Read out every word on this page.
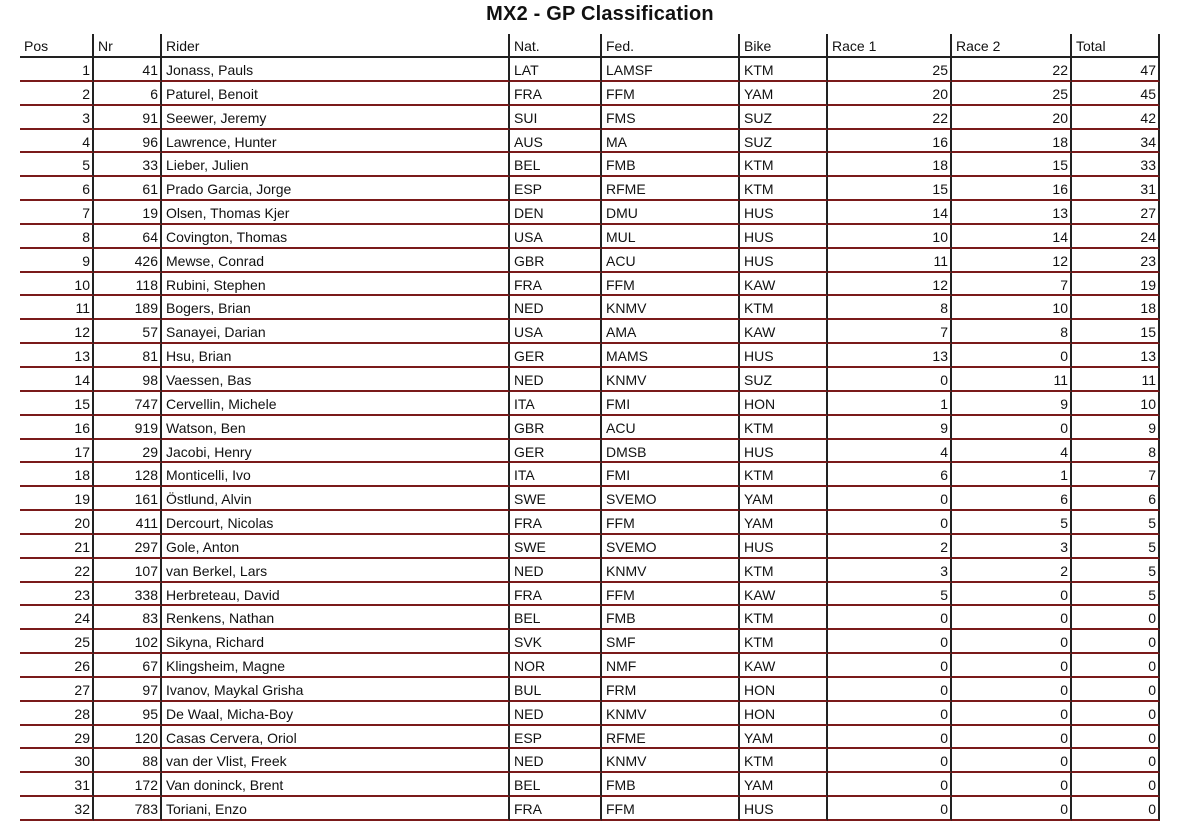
MX2 - GP Classification
Pos	Nr	Rider	Nat.	Fed.	Bike	Race 1	Race 2	Total
1	41 Jonass, Pauls	LAT	LAMSF	KTM	25	22	47
2	6 Paturel, Benoit	FRA	FFM	YAM	20	25	45
3	91 Seewer, Jeremy	SUI	FMS	SUZ	22	20	42
4	96 Lawrence, Hunter	AUS	MA	SUZ	16	18	34
5	33 Lieber, Julien	BEL	FMB	KTM	18	15	33
6	61 Prado Garcia, Jorge	ESP	RFME	KTM	15	16	31
7	19 Olsen, Thomas Kjer	DEN	DMU	HUS	14	13	27
8	64 Covington, Thomas	USA	MUL	HUS	10	14	24
9	426 Mewse, Conrad	GBR	ACU	HUS	11	12	23
10	118 Rubini, Stephen	FRA	FFM	KAW	12	7	19
11	189 Bogers, Brian	NED	KNMV	KTM	8	10	18
12	57 Sanayei, Darian	USA	AMA	KAW	7	8	15
13	81 Hsu, Brian	GER	MAMS	HUS	13	0	13
14	98 Vaessen, Bas	NED	KNMV	SUZ	0	11	11
15	747 Cervellin, Michele	ITA	FMI	HON	1	9	10
16	919 Watson, Ben	GBR	ACU	KTM	9	0	9
17	29 Jacobi, Henry	GER	DMSB	HUS	4	4	8
18	128 Monticelli, Ivo	ITA	FMI	KTM	6	1	7
19	161 Östlund, Alvin	SWE	SVEMO	YAM	0	6	6
20	411 Dercourt, Nicolas	FRA	FFM	YAM	0	5	5
21	297 Gole, Anton	SWE	SVEMO	HUS	2	3	5
22	107 van Berkel, Lars	NED	KNMV	KTM	3	2	5
23	338 Herbreteau, David	FRA	FFM	KAW	5	0	5
24	83 Renkens, Nathan	BEL	FMB	KTM	0	0	0
25	102 Sikyna, Richard	SVK	SMF	KTM	0	0	0
26	67 Klingsheim, Magne	NOR	NMF	KAW	0	0	0
27	97 Ivanov, Maykal Grisha	BUL	FRM	HON	0	0	0
28	95 De Waal, Micha-Boy	NED	KNMV	HON	0	0	0
29	120 Casas Cervera, Oriol	ESP	RFME	YAM	0	0	0
30	88 van der Vlist, Freek	NED	KNMV	KTM	0	0	0
31	172 Van doninck, Brent	BEL	FMB	YAM	0	0	0
32	783 Toriani, Enzo	FRA	FFM	HUS	0	0	0
